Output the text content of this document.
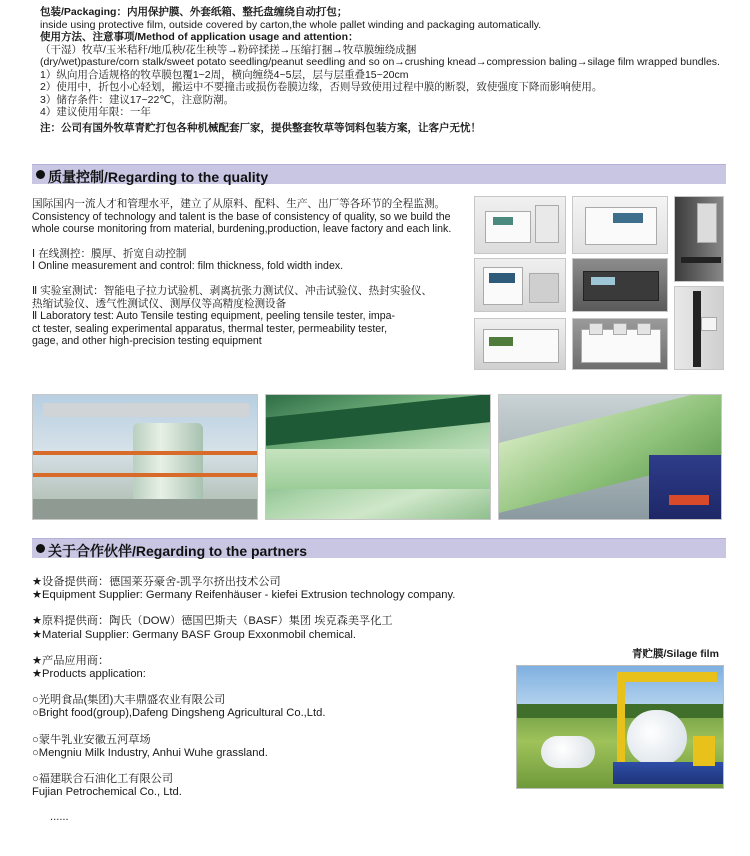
包装/Packaging：内用保护膜、外套纸箱、整托盘缠绕自动打包；

inside using protective film, outside covered by carton,the whole pallet winding and packaging automatically.

使用方法、注意事项/Method of application usage and attention：

（干湿）牧草/玉米秸秆/地瓜秧/花生秧等→粉碎揉搓→压缩打捆→牧草膜缠绕成捆

(dry/wet)pasture/corn stalk/sweet potato seedling/peanut seedling and so on→crushing knead→compression baling→silage film wrapped bundles.

1）纵向用合适规格的牧草膜包覆1~2周，横向缠绕4~5层，层与层重叠15~20cm

2）使用中，折包小心轻划，搬运中不要撞击或损伤卷膜边缘，否则导致使用过程中膜的断裂，致使强度下降而影响使用。

3）储存条件：建议17~22℃，注意防潮。

4）建议使用年限：一年

注：公司有国外牧草青贮打包各种机械配套厂家，提供整套牧草等饲料包装方案，让客户无忧！

质量控制/Regarding to the quality

国际国内一流人才和管理水平，建立了从原料、配料、生产、出厂等各环节的全程监测。

Consistency of technology and talent is the base of consistency of quality, so we build the

whole course monitoring from material, burdening,production, leave factory and each link.

Ⅰ 在线测控：膜厚、折宽自动控制

Ⅰ Online measurement and control: film thickness, fold width index.

Ⅱ 实验室测试：智能电子拉力试验机、剥离抗张力测试仪、冲击试验仪、热封实验仪、

热缩试验仪、透气性测试仪、测厚仪等高精度检测设备

Ⅱ Laboratory test: Auto Tensile testing equipment, peeling tensile tester, impa-

ct tester, sealing experimental apparatus, thermal tester, permeability tester,

gage, and other high-precision testing equipment

关于合作伙伴/Regarding to the partners

★设备提供商：德国莱芬豪舍-凯孚尔挤出技术公司

★Equipment Supplier: Germany Reifenhäuser - kiefei Extrusion technology company.

★原料提供商：陶氏（DOW）德国巴斯夫（BASF）集团 埃克森美孚化工

★Material Supplier: Germany BASF Group Exxonmobil chemical.

★产品应用商：

★Products application:

○光明食品(集团)大丰鼎盛农业有限公司

○Bright food(group),Dafeng Dingsheng Agricultural Co.,Ltd.

○蒙牛乳业安徽五河草场

○Mengniu Milk Industry, Anhui Wuhe grassland.

○福建联合石油化工有限公司

Fujian Petrochemical Co., Ltd.

......

青贮膜/Silage film
